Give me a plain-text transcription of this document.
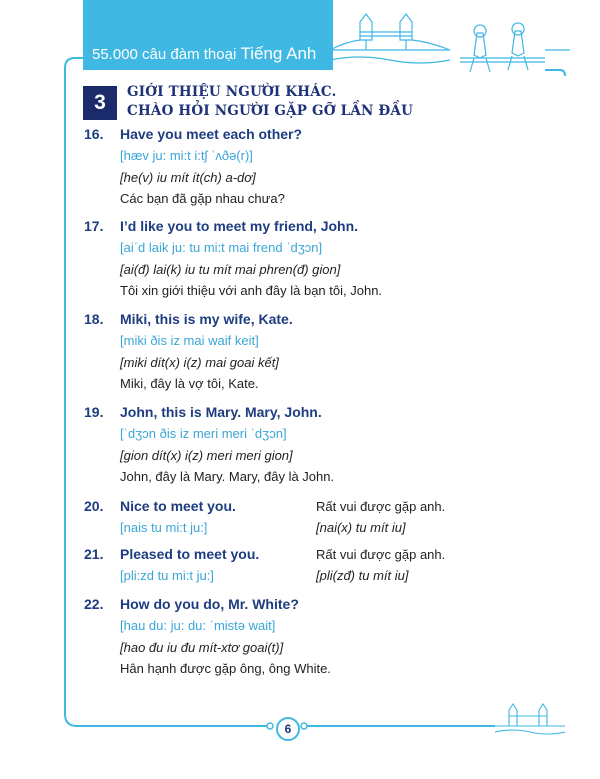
55.000 câu đàm thoại Tiếng Anh
3	GIỚI THIỆU NGƯỜI KHÁC.
CHÀO HỎI NGƯỜI GẶP GỠ LẦN ĐẦU
16. Have you meet each other?
[hæv ju: mi:t i:tʃ ˈʌðə(r)]
[he(v) iu mít ít(ch) a-dơ]
Các bạn đã gặp nhau chưa?
17. I’d like you to meet my friend, John.
[aiˈd laik ju: tu mi:t mai frend ˈdʒɔn]
[ai(đ) lai(k) iu tu mít mai phren(đ) gion]
Tôi xin giới thiệu với anh đây là bạn tôi, John.
18. Miki, this is my wife, Kate.
[miki ðis iz mai waif keit]
[miki dít(x) i(z) mai goai kết]
Miki, đây là vợ tôi, Kate.
19. John, this is Mary. Mary, John.
[ˈdʒɔn ðis iz meri meri ˈdʒɔn]
[gion dít(x) i(z) meri meri gion]
John, đây là Mary. Mary, đây là John.
20. Nice to meet you.
[nais tu mi:t ju:]
Rất vui được gặp anh.
[nai(x) tu mít iu]
21. Pleased to meet you.
[pli:zd tu mi:t ju:]
Rất vui được gặp anh.
[pli(zđ) tu mít iu]
22. How do you do, Mr. White?
[hau du: ju: du: ˈmistə wait]
[hao đu iu đu mít-xtơ goai(t)]
Hân hạnh được gặp ông, ông White.
6
